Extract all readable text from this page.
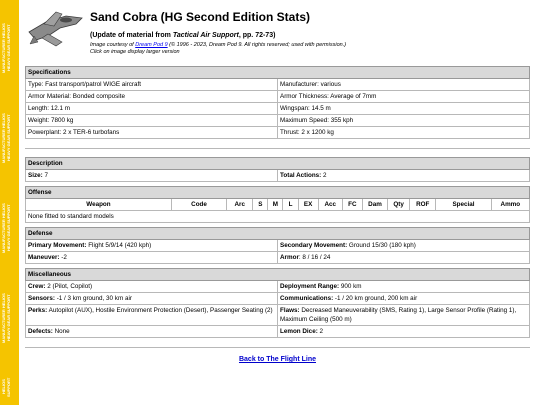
MANUFACTURER HELIOS HEAVY GEAR SUPPORT
MANUFACTURER HELIOS HEAVY GEAR SUPPORT
MANUFACTURER HELIOS HEAVY GEAR SUPPORT
MANUFACTURER HELIOS HEAVY GEAR SUPPORT
HELIOS SUPPORT
Sand Cobra (HG Second Edition Stats)
(Update of material from Tactical Air Support, pp. 72-73)
Image courtesy of Dream Pod 9 (© 1996 - 2023, Dream Pod 9. All rights reserved; used with permission.)
Click on image display larger version
Specifications	
Type: Fast transport/patrol WIGE aircraft	Manufacturer: various
Armor Material: Bonded composite	Armor Thickness: Average of 7mm
Length: 12.1 m	Wingspan: 14.5 m
Weight: 7800 kg	Maximum Speed: 355 kph
Powerplant: 2 x TER-6 turbofans	Thrust: 2 x 1200 kg
Description
Size: 7	Total Actions: 2
Offense
Weapon	Code	Arc	S	M	L	EX	Acc	FC	Dam	Qty	ROF	Special	Ammo
None fitted to standard models
Defense	
Primary Movement: Flight 5/9/14 (420 kph)	Secondary Movement: Ground 15/30 (180 kph)
Maneuver: -2	Armor: 8 / 16 / 24
Miscellaneous	
Crew: 2 (Pilot, Copilot)	Deployment Range: 900 km
Sensors: -1 / 3 km ground, 30 km air	Communications: -1 / 20 km ground, 200 km air
Perks: Autopilot (AUX), Hostile Environment Protection (Desert), Passenger Seating (2)	Flaws: Decreased Maneuverability (SMS, Rating 1), Large Sensor Profile (Rating 1), Maximum Ceiling (500 m)
Defects: None	Lemon Dice: 2
Back to The Flight Line
